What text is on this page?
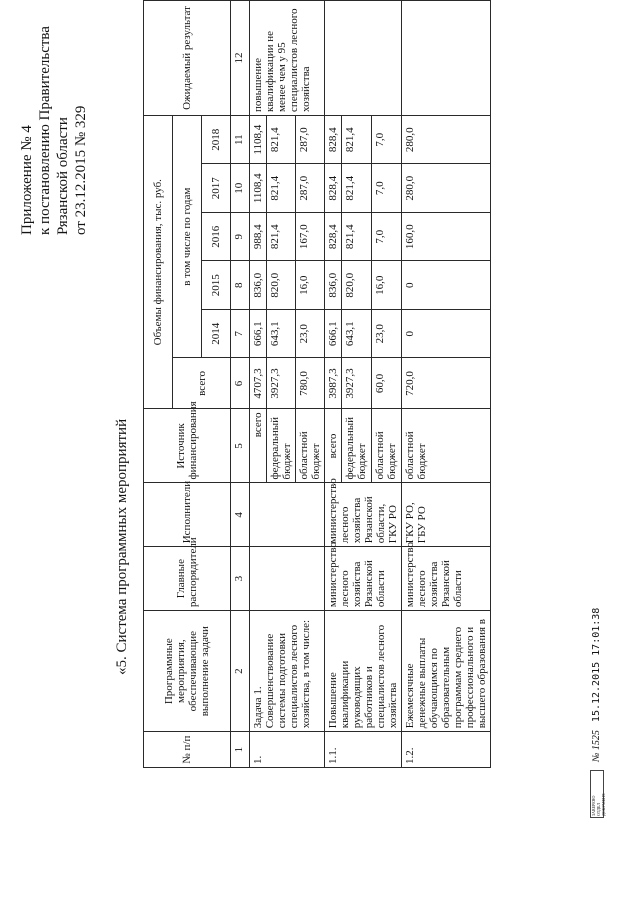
Приложение № 4 к постановлению Правительства Рязанской области от 23.12.2015 № 329
«5. Система программных мероприятий
№ п/п	Программные мероприятия, обеспечивающие выполнение задачи	Главные распорядители	Исполнители	Источник финансирования	Объемы финансирования, тыс. руб.						Ожидаемый результат
					всего	в том числе по годам					
						2014	2015	2016	2017	2018	
1	2	3	4	5	6	7	8	9	10	11	12
1.	Задача 1. Совершенствование системы подготовки специалистов лесного хозяйства, в том числе:			всего	4707,3	666,1	836,0	988,4	1108,4	1108,4	повышение квалификации не менее чем у 95 специалистов лесного хозяйства
				федеральный бюджет	3927,3	643,1	820,0	821,4	821,4	821,4	
				областной бюджет	780,0	23,0	16,0	167,0	287,0	287,0	
1.1.	Повышение квалификации руководящих работников и специалистов лесного хозяйства	министерство лесного хозяйства Рязанской области	министерство лесного хозяйства Рязанской области, ГКУ РО	всего	3987,3	666,1	836,0	828,4	828,4	828,4	
				федеральный бюджет	3927,3	643,1	820,0	821,4	821,4	821,4	
				областной бюджет	60,0	23,0	16,0	7,0	7,0	7,0	
1.2.	Ежемесячные денежные выплаты обучающимся по образовательным программам среднего профессионального и высшего образования в	министерство лесного хозяйства Рязанской области	ГКУ РО, ГБУ РО	областной бюджет	720,0	0	0	160,0	280,0	280,0	
ЗАВЕРЕНО ОТДЕЛ ДОКУМЕНТ.
№ 1525
15.12.2015 17:01:38
